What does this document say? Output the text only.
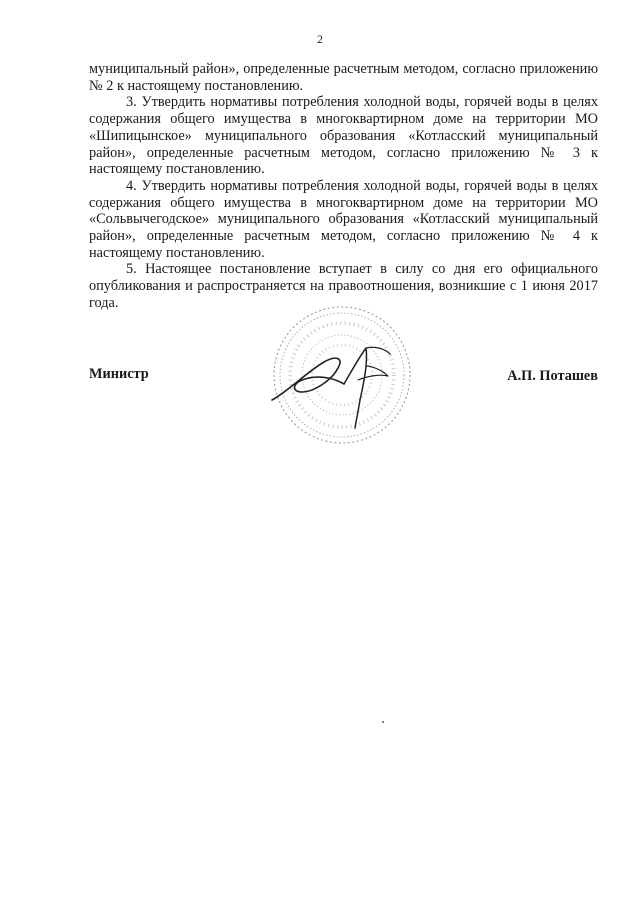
2

муниципальный район», определенные расчетным методом, согласно приложению № 2 к настоящему постановлению.

3. Утвердить нормативы потребления холодной воды, горячей воды в целях содержания общего имущества в многоквартирном доме на территории МО «Шипицынское» муниципального образования «Котласский муниципальный район», определенные расчетным методом, согласно приложению № 3 к настоящему постановлению.

4. Утвердить нормативы потребления холодной воды, горячей воды в целях содержания общего имущества в многоквартирном доме на территории МО «Сольвычегодское» муниципального образования «Котласский муниципальный район», определенные расчетным методом, согласно приложению № 4 к настоящему постановлению.

5. Настоящее постановление вступает в силу со дня его официального опубликования и распространяется на правоотношения, возникшие с 1 июня 2017 года.

Министр	А.П. Поташев
